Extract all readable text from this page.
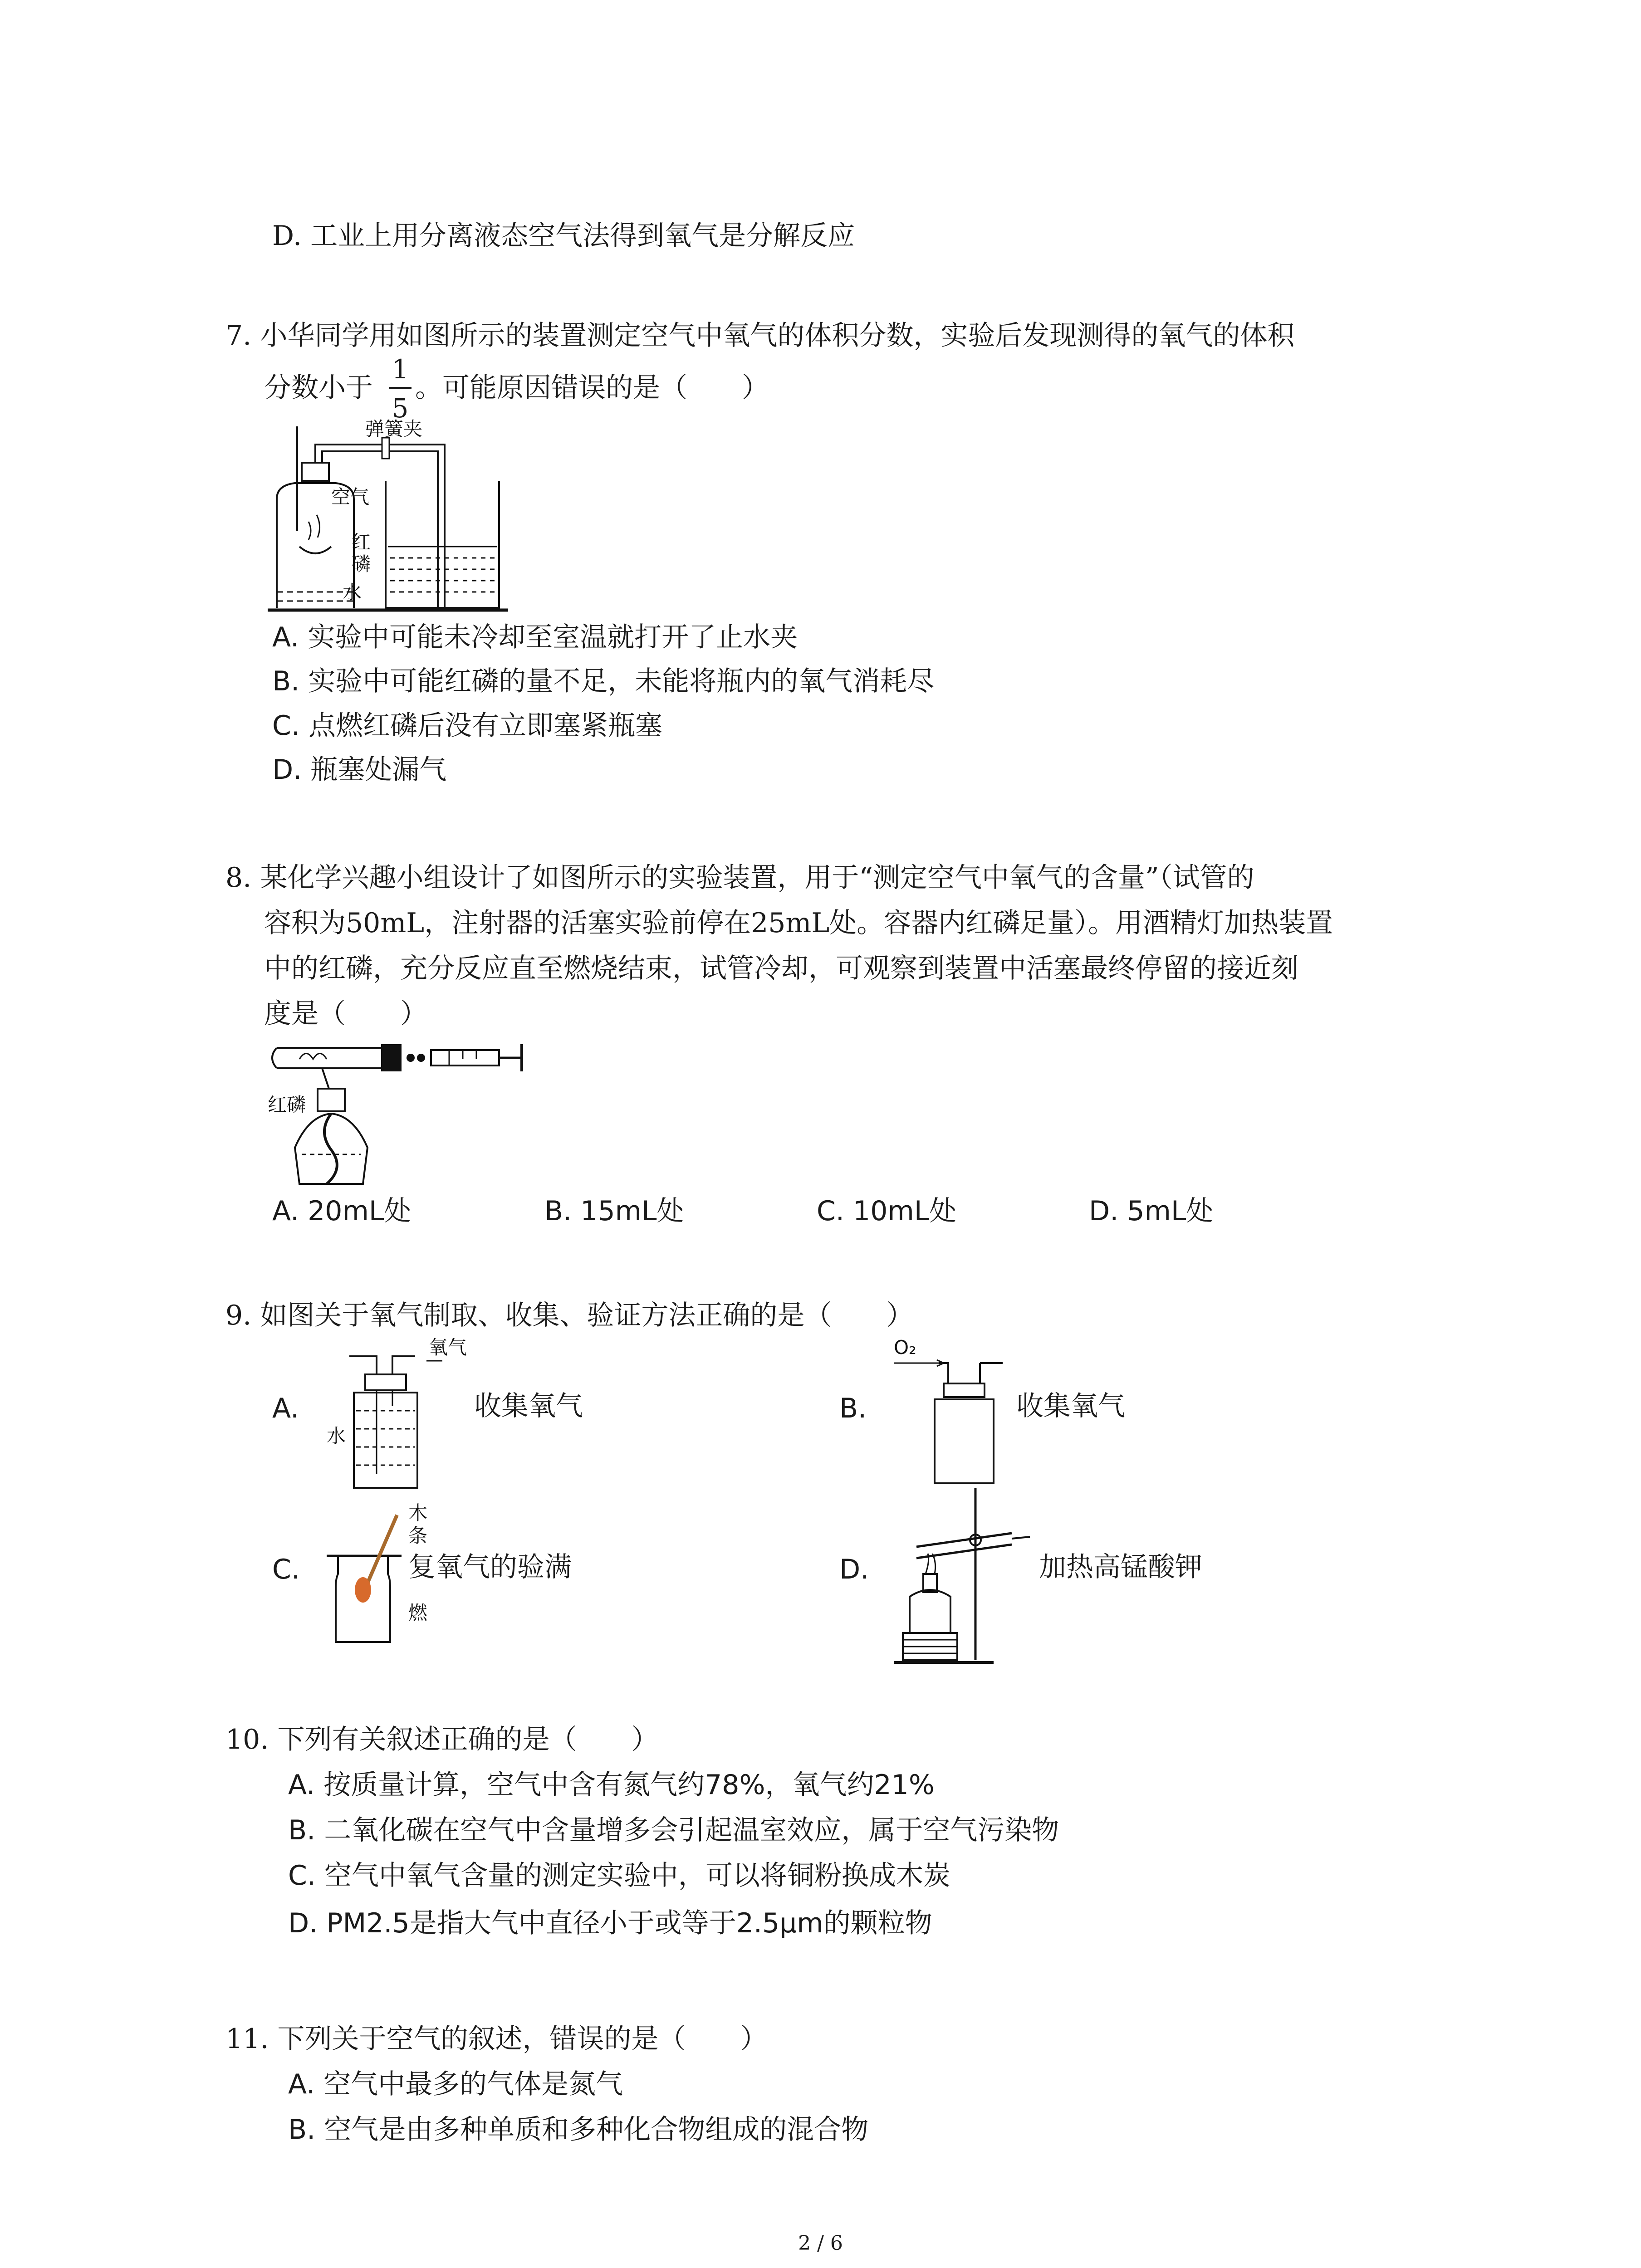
D. 工业上用分离液态空气法得到氧气是分解反应
7. 小华同学用如图所示的装置测定空气中氧气的体积分数，实验后发现测得的氧气的体积
分数小于
1
5
。可能原因错误的是（　　）
弹簧夹
空气
红
磷
水
A. 实验中可能未冷却至室温就打开了止水夹
B. 实验中可能红磷的量不足，未能将瓶内的氧气消耗尽
C. 点燃红磷后没有立即塞紧瓶塞
D. 瓶塞处漏气
8. 某化学兴趣小组设计了如图所示的实验装置，用于“测定空气中氧气的含量”（试管的
容积为50mL，注射器的活塞实验前停在25mL处。容器内红磷足量）。用酒精灯加热装置
中的红磷，充分反应直至燃烧结束，试管冷却，可观察到装置中活塞最终停留的接近刻
度是（　　）
红磷
A. 20mL处	B. 15mL处	C. 10mL处	D. 5mL处
9. 如图关于氧气制取、收集、验证方法正确的是（　　）
A.
氧气
水
收集氧气	B.
O₂
收集氧气
C.
木
条
燃
复氧气的验满	D.	加热高锰酸钾
10. 下列有关叙述正确的是（　　）
A. 按质量计算，空气中含有氮气约78%，氧气约21%
B. 二氧化碳在空气中含量增多会引起温室效应，属于空气污染物
C. 空气中氧气含量的测定实验中，可以将铜粉换成木炭
D. PM2.5是指大气中直径小于或等于2.5μm的颗粒物
11. 下列关于空气的叙述，错误的是（　　）
A. 空气中最多的气体是氮气
B. 空气是由多种单质和多种化合物组成的混合物
2 / 6
